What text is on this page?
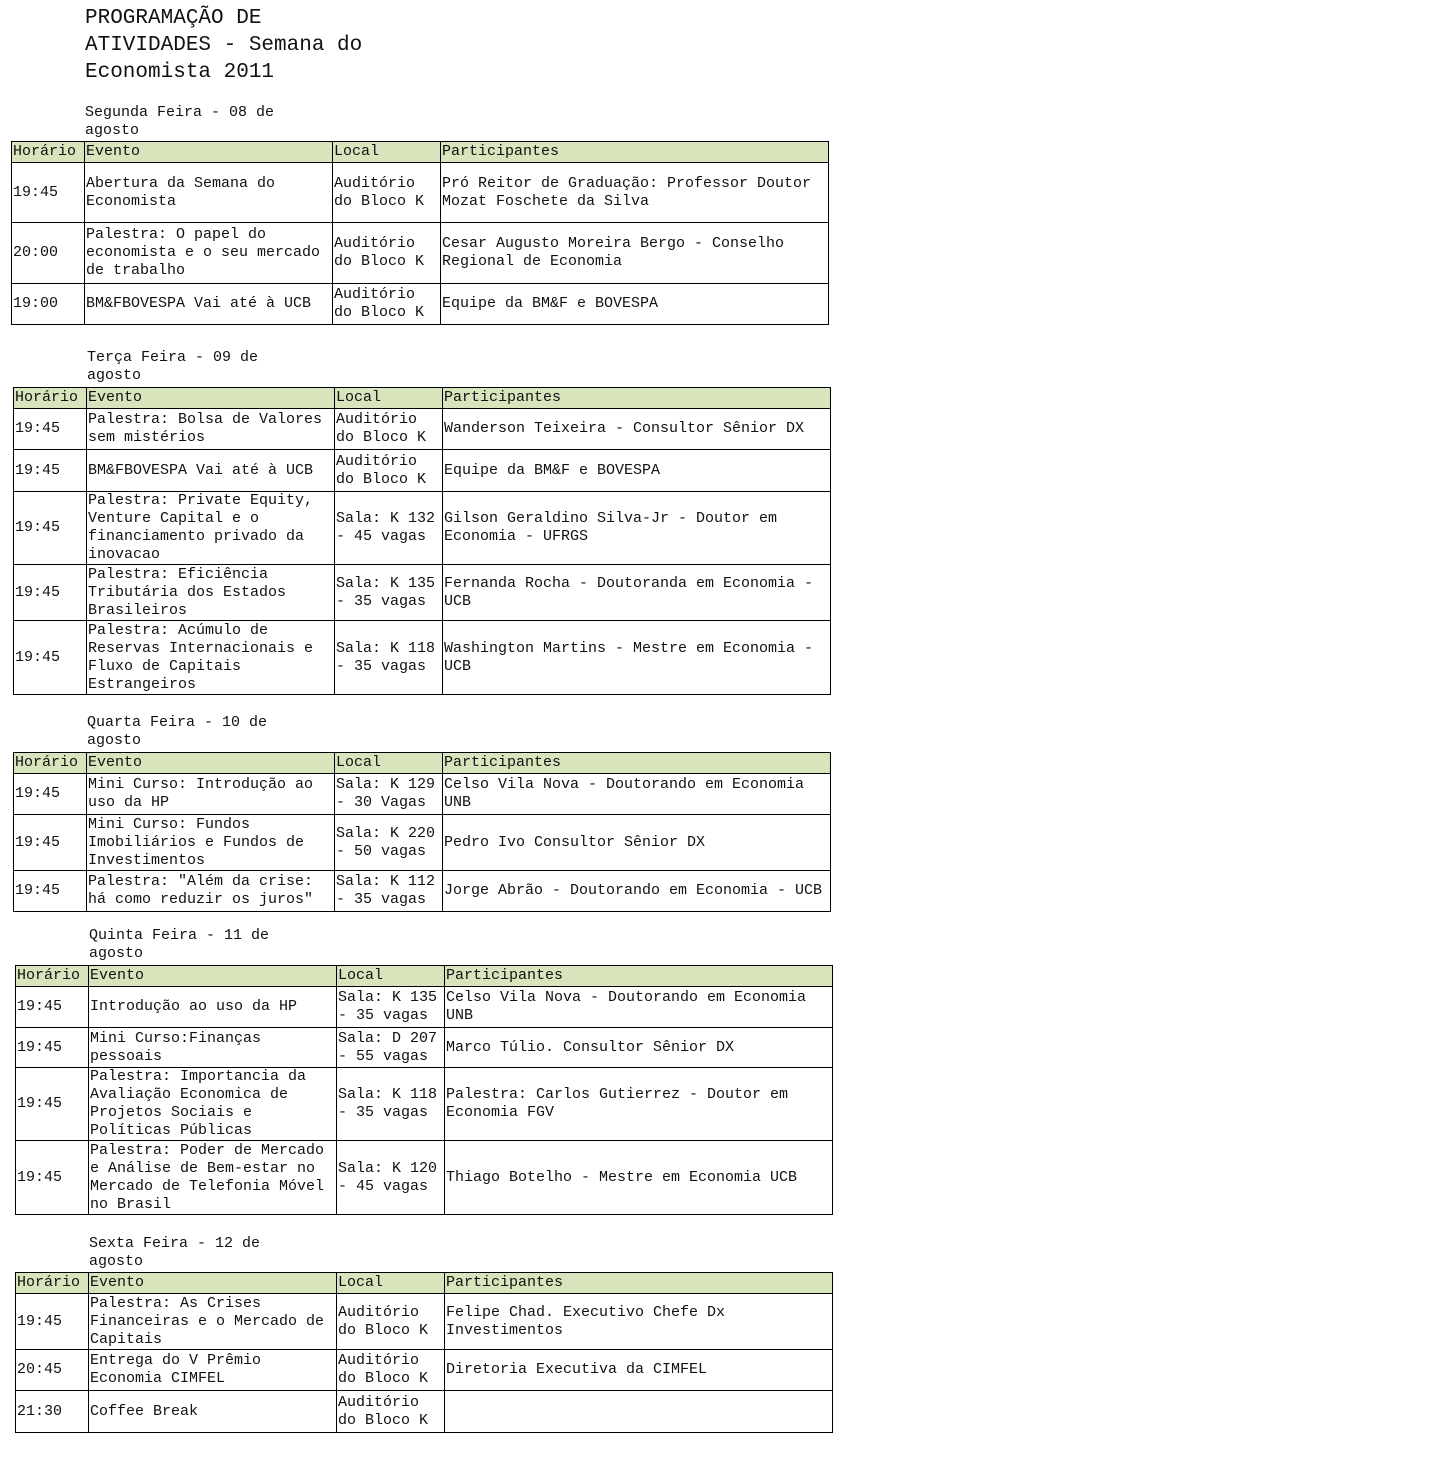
PROGRAMAÇÃO DE
ATIVIDADES - Semana do
Economista 2011
Segunda Feira - 08 de agosto
Horário	Evento	Local	Participantes
19:45	Abertura da Semana do Economista	Auditório do Bloco K	Pró Reitor de Graduação: Professor Doutor Mozat Foschete da Silva
20:00	Palestra: O papel do economista e o seu mercado de trabalho	Auditório do Bloco K	Cesar Augusto Moreira Bergo - Conselho Regional de Economia
19:00	BM&FBOVESPA Vai até à UCB	Auditório do Bloco K	Equipe da BM&F e BOVESPA
Terça Feira - 09 de agosto
Horário	Evento	Local	Participantes
19:45	Palestra: Bolsa de Valores sem mistérios	Auditório do Bloco K	Wanderson Teixeira - Consultor Sênior DX
19:45	BM&FBOVESPA Vai até à UCB	Auditório do Bloco K	Equipe da BM&F e BOVESPA
19:45	Palestra: Private Equity, Venture Capital e o financiamento privado da inovacao	Sala: K 132 - 45 vagas	Gilson Geraldino Silva-Jr - Doutor em Economia - UFRGS
19:45	Palestra: Eficiência Tributária dos Estados Brasileiros	Sala: K 135 - 35 vagas	Fernanda Rocha - Doutoranda em Economia - UCB
19:45	Palestra: Acúmulo de Reservas Internacionais e Fluxo de Capitais Estrangeiros	Sala: K 118 - 35 vagas	Washington Martins - Mestre em Economia - UCB
Quarta Feira - 10 de agosto
Horário	Evento	Local	Participantes
19:45	Mini Curso: Introdução ao uso da HP	Sala: K 129 - 30 Vagas	Celso Vila Nova - Doutorando em Economia UNB
19:45	Mini Curso: Fundos Imobiliários e Fundos de Investimentos	Sala: K 220 - 50 vagas	Pedro Ivo Consultor Sênior DX
19:45	Palestra: "Além da crise: há como reduzir os juros"	Sala: K 112 - 35 vagas	Jorge Abrão - Doutorando em Economia - UCB
Quinta Feira - 11 de agosto
Horário	Evento	Local	Participantes
19:45	Introdução ao uso da HP	Sala: K 135 - 35 vagas	Celso Vila Nova - Doutorando em Economia UNB
19:45	Mini Curso:Finanças pessoais	Sala: D 207 - 55 vagas	Marco Túlio. Consultor Sênior DX
19:45	Palestra: Importancia da Avaliação Economica de Projetos Sociais e Políticas Públicas	Sala: K 118 - 35 vagas	Palestra: Carlos Gutierrez - Doutor em Economia FGV
19:45	Palestra: Poder de Mercado e Análise de Bem-estar no Mercado de Telefonia Móvel no Brasil	Sala: K 120 - 45 vagas	Thiago Botelho - Mestre em Economia UCB
Sexta Feira - 12 de agosto
Horário	Evento	Local	Participantes
19:45	Palestra: As Crises Financeiras e o Mercado de Capitais	Auditório do Bloco K	Felipe Chad. Executivo Chefe Dx Investimentos
20:45	Entrega do V Prêmio Economia CIMFEL	Auditório do Bloco K	Diretoria Executiva da CIMFEL
21:30	Coffee Break	Auditório do Bloco K	
